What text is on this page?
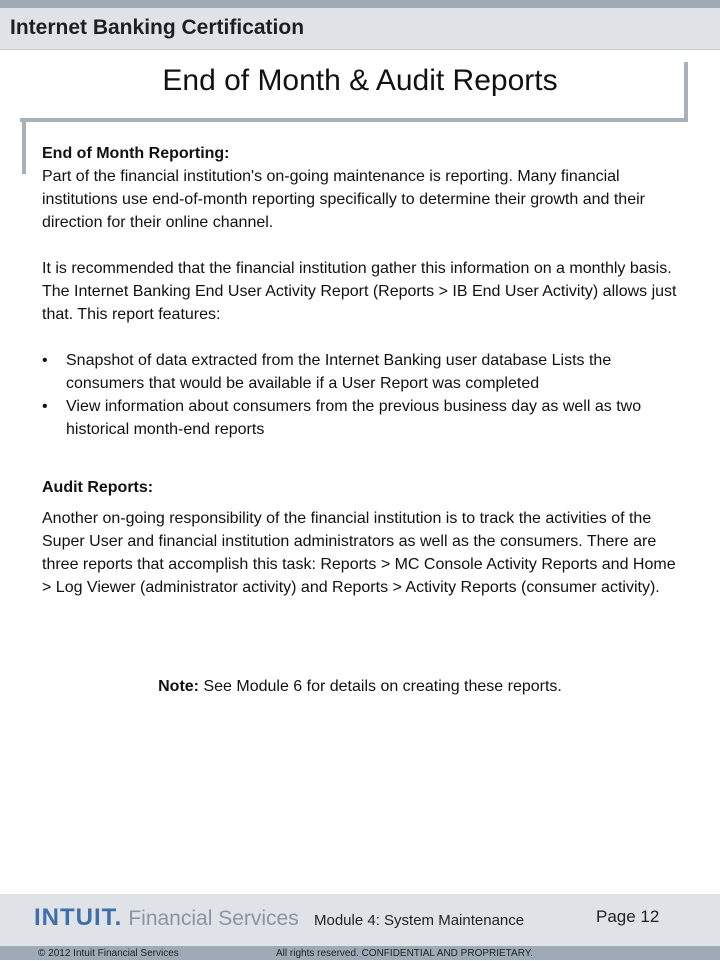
Internet Banking Certification
End of Month & Audit Reports

End of Month Reporting:

Part of the financial institution's on-going maintenance is reporting. Many financial institutions use end-of-month reporting specifically to determine their growth and their direction for their online channel.

It is recommended that the financial institution gather this information on a monthly basis. The Internet Banking End User Activity Report (Reports > IB End User Activity) allows just that. This report features:

• Snapshot of data extracted from the Internet Banking user database Lists the consumers that would be available if a User Report was completed
• View information about consumers from the previous business day as well as two historical month-end reports

Audit Reports:

Another on-going responsibility of the financial institution is to track the activities of the Super User and financial institution administrators as well as the consumers. There are three reports that accomplish this task: Reports > MC Console Activity Reports and Home > Log Viewer (administrator activity) and Reports > Activity Reports (consumer activity).

Note: See Module 6 for details on creating these reports.
INTUIT. Financial Services Module 4: System Maintenance	Page 12
© 2012 Intuit Financial Services	All rights reserved. CONFIDENTIAL AND PROPRIETARY.
